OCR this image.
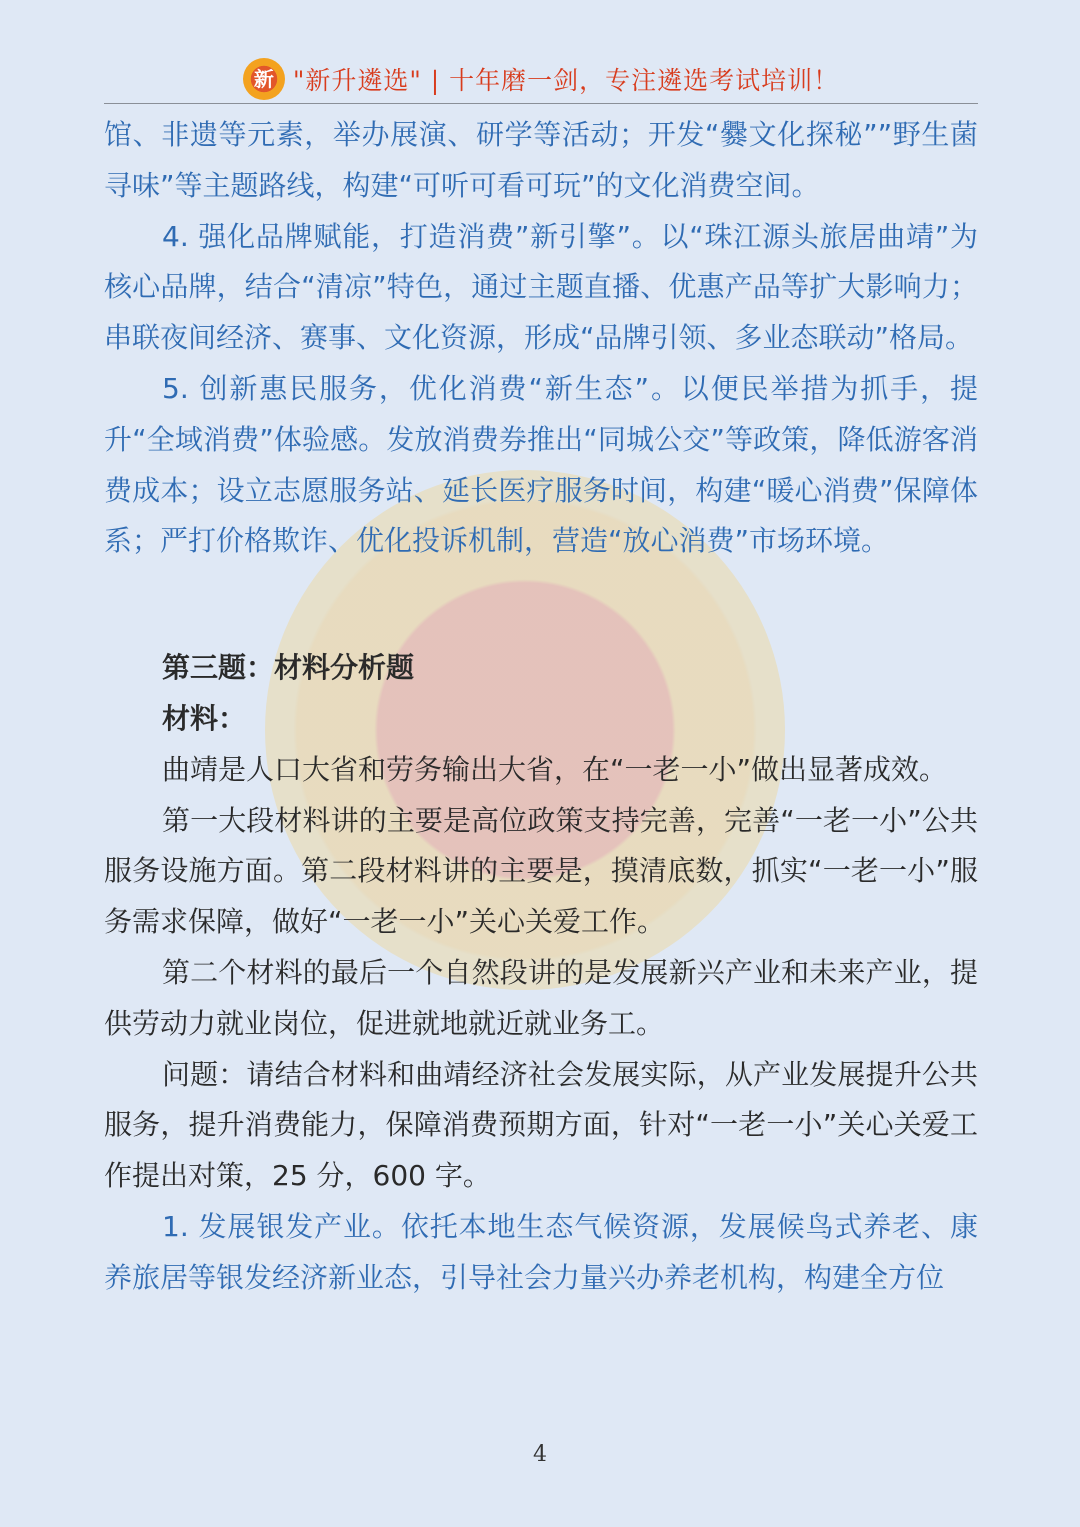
新 "新升遴选" | 十年磨一剑，专注遴选考试培训！

馆、非遗等元素，举办展演、研学等活动；开发“爨文化探秘””野生菌寻味”等主题路线，构建“可听可看可玩”的文化消费空间。

4. 强化品牌赋能，打造消费”新引擎”。以“珠江源头旅居曲靖”为核心品牌，结合“清凉”特色，通过主题直播、优惠产品等扩大影响力；串联夜间经济、赛事、文化资源，形成“品牌引领、多业态联动”格局。

5. 创新惠民服务，优化消费“新生态”。以便民举措为抓手，提升“全域消费”体验感。发放消费券推出“同城公交”等政策，降低游客消费成本；设立志愿服务站、延长医疗服务时间，构建“暖心消费”保障体系；严打价格欺诈、优化投诉机制，营造“放心消费”市场环境。

第三题：材料分析题

材料：

曲靖是人口大省和劳务输出大省，在“一老一小”做出显著成效。

第一大段材料讲的主要是高位政策支持完善，完善“一老一小”公共服务设施方面。第二段材料讲的主要是，摸清底数，抓实“一老一小”服务需求保障，做好“一老一小”关心关爱工作。

第二个材料的最后一个自然段讲的是发展新兴产业和未来产业，提供劳动力就业岗位，促进就地就近就业务工。

问题：请结合材料和曲靖经济社会发展实际，从产业发展提升公共服务，提升消费能力，保障消费预期方面，针对“一老一小”关心关爱工作提出对策，25 分，600 字。

1. 发展银发产业。依托本地生态气候资源，发展候鸟式养老、康养旅居等银发经济新业态，引导社会力量兴办养老机构，构建全方位

4
